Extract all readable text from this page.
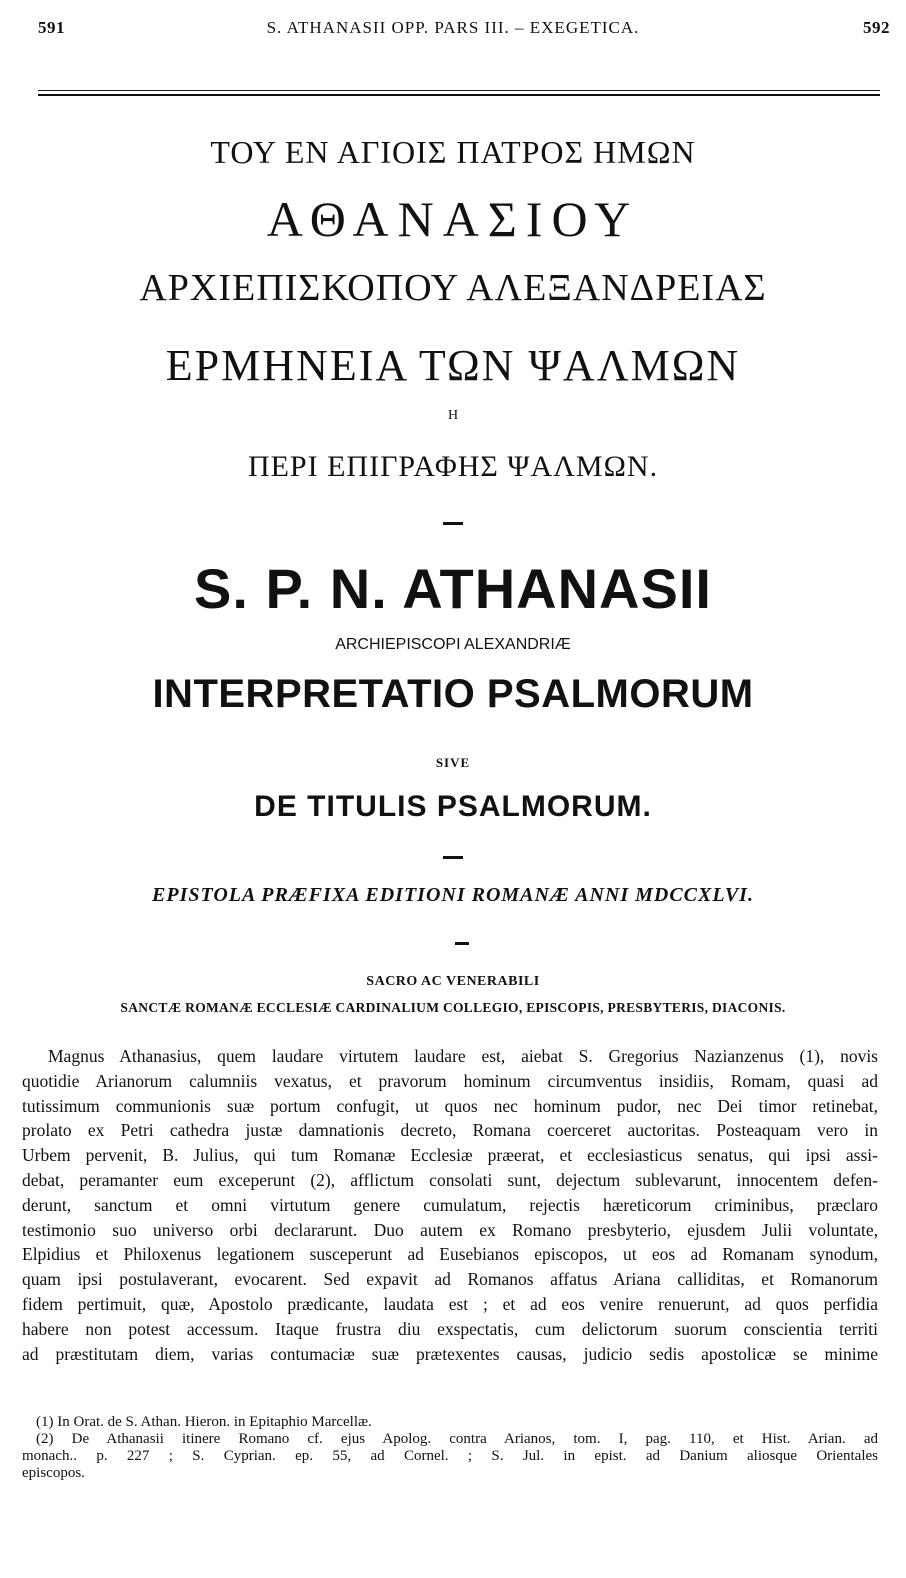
591	S. ATHANASII OPP. PARS III. – EXEGETICA.	592
ΤΟΥ ΕΝ ΑΓΙΟΙΣ ΠΑΤΡΟΣ ΗΜΩΝ
ΑΘΑΝΑΣΙΟΥ
ΑΡΧΙΕΠΙΣΚΟΠΟΥ ΑΛΕΞΑΝΔΡΕΙΑΣ
ΕΡΜΗΝΕΙΑ ΤΩΝ ΨΑΛΜΩΝ
Η
ΠΕΡΙ ΕΠΙΓΡΑΦΗΣ ΨΑΛΜΩΝ.
S. P. N. ATHANASII
ARCHIEPISCOPI ALEXANDRIÆ
INTERPRETATIO PSALMORUM
SIVE
DE TITULIS PSALMORUM.
EPISTOLA PRÆFIXA EDITIONI ROMANÆ ANNI MDCCXLVI.
SACRO AC VENERABILI
SANCTÆ ROMANÆ ECCLESIÆ CARDINALIUM COLLEGIO, EPISCOPIS, PRESBYTERIS, DIACONIS.
Magnus Athanasius, quem laudare virtutem laudare est, aiebat S. Gregorius Nazianzenus (1), novis
quotidie Arianorum calumniis vexatus, et pravorum hominum circumventus insidiis, Romam, quasi ad
tutissimum communionis suæ portum confugit, ut quos nec hominum pudor, nec Dei timor retinebat,
prolato ex Petri cathedra justæ damnationis decreto, Romana coerceret auctoritas. Posteaquam vero in
Urbem pervenit, B. Julius, qui tum Romanæ Ecclesiæ præerat, et ecclesiasticus senatus, qui ipsi assi-
debat, peramanter eum exceperunt (2), afflictum consolati sunt, dejectum sublevarunt, innocentem defen-
derunt, sanctum et omni virtutum genere cumulatum, rejectis hæreticorum criminibus, præclaro
testimonio suo universo orbi declararunt. Duo autem ex Romano presbyterio, ejusdem Julii voluntate,
Elpidius et Philoxenus legationem susceperunt ad Eusebianos episcopos, ut eos ad Romanam synodum,
quam ipsi postulaverant, evocarent. Sed expavit ad Romanos affatus Ariana calliditas, et Romanorum
fidem pertimuit, quæ, Apostolo prædicante, laudata est ; et ad eos venire renuerunt, ad quos perfidia
habere non potest accessum. Itaque frustra diu exspectatis, cum delictorum suorum conscientia territi
ad præstitutam diem, varias contumaciæ suæ prætexentes causas, judicio sedis apostolicæ se minime
(1) In Orat. de S. Athan. Hieron. in Epitaphio Marcellæ.
(2) De Athanasii itinere Romano cf. ejus Apolog. contra Arianos, tom. I, pag. 110, et Hist. Arian. ad
monach.. p. 227 ; S. Cyprian. ep. 55, ad Cornel. ; S. Jul. in epist. ad Danium aliosque Orientales
episcopos.
